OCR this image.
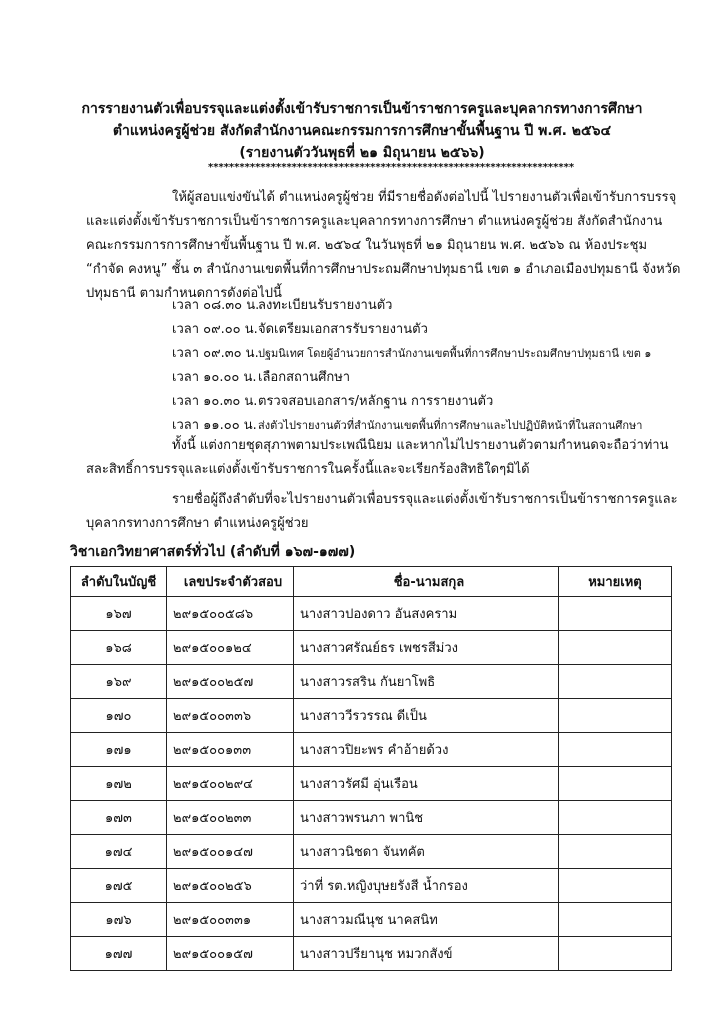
การรายงานตัวเพื่อบรรจุและแต่งตั้งเข้ารับราชการเป็นข้าราชการครูและบุคลากรทางการศึกษา
ตำแหน่งครูผู้ช่วย สังกัดสำนักงานคณะกรรมการการศึกษาขั้นพื้นฐาน ปี พ.ศ. ๒๕๖๔
(รายงานตัววันพุธที่ ๒๑ มิถุนายน ๒๕๖๖)
**********************************************************************
ให้ผู้สอบแข่งขันได้ ตำแหน่งครูผู้ช่วย ที่มีรายชื่อดังต่อไปนี้ ไปรายงานตัวเพื่อเข้ารับการบรรจุ
และแต่งตั้งเข้ารับราชการเป็นข้าราชการครูและบุคลากรทางการศึกษา ตำแหน่งครูผู้ช่วย สังกัดสำนักงาน
คณะกรรมการการศึกษาขั้นพื้นฐาน ปี พ.ศ. ๒๕๖๔ ในวันพุธที่ ๒๑ มิถุนายน พ.ศ. ๒๕๖๖ ณ ห้องประชุม
“กำจัด คงหนู” ชั้น ๓ สำนักงานเขตพื้นที่การศึกษาประถมศึกษาปทุมธานี เขต ๑ อำเภอเมืองปทุมธานี จังหวัด
ปทุมธานี ตามกำหนดการดังต่อไปนี้
เวลา ๐๘.๓๐ น.ลงทะเบียนรับรายงานตัว
เวลา ๐๙.๐๐ น.จัดเตรียมเอกสารรับรายงานตัว
เวลา ๐๙.๓๐ น.ปฐมนิเทศ โดยผู้อำนวยการสำนักงานเขตพื้นที่การศึกษาประถมศึกษาปทุมธานี เขต ๑
เวลา ๑๐.๐๐ น. เลือกสถานศึกษา
เวลา ๑๐.๓๐ น.ตรวจสอบเอกสาร/หลักฐาน การรายงานตัว
เวลา ๑๑.๐๐ น.ส่งตัวไปรายงานตัวที่สำนักงานเขตพื้นที่การศึกษาและไปปฏิบัติหน้าที่ในสถานศึกษา
ทั้งนี้ แต่งกายชุดสุภาพตามประเพณีนิยม และหากไม่ไปรายงานตัวตามกำหนดจะถือว่าท่าน
สละสิทธิ์การบรรจุและแต่งตั้งเข้ารับราชการในครั้งนี้และจะเรียกร้องสิทธิใดๆมิได้
รายชื่อผู้ถึงลำดับที่จะไปรายงานตัวเพื่อบรรจุและแต่งตั้งเข้ารับราชการเป็นข้าราชการครูและ
บุคลากรทางการศึกษา ตำแหน่งครูผู้ช่วย
วิชาเอกวิทยาศาสตร์ทั่วไป (ลำดับที่ ๑๖๗-๑๗๗)
ลำดับในบัญชี	เลขประจำตัวสอบ	ชื่อ-นามสกุล	หมายเหตุ
๑๖๗	๒๙๑๕๐๐๕๘๖	นางสาวปองดาว อันสงคราม	
๑๖๘	๒๙๑๕๐๐๑๒๔	นางสาวศรัณย์ธร เพชรสีม่วง	
๑๖๙	๒๙๑๕๐๐๒๕๗	นางสาวรสริน กันยาโพธิ	
๑๗๐	๒๙๑๕๐๐๓๓๖	นางสาววีรวรรณ ดีเป็น	
๑๗๑	๒๙๑๕๐๐๑๓๓	นางสาวปิยะพร คำอ้ายด้วง	
๑๗๒	๒๙๑๕๐๐๒๙๔	นางสาวรัศมี อุ่นเรือน	
๑๗๓	๒๙๑๕๐๐๒๓๓	นางสาวพรนภา พานิช	
๑๗๔	๒๙๑๕๐๐๑๔๗	นางสาวนิชดา จันทคัต	
๑๗๕	๒๙๑๕๐๐๒๕๖	ว่าที่ รต.หญิงบุษยรังสี น้ำกรอง	
๑๗๖	๒๙๑๕๐๐๓๓๑	นางสาวมณีนุช นาคสนิท	
๑๗๗	๒๙๑๕๐๐๑๕๗	นางสาวปรียานุช หมวกสังข์	
